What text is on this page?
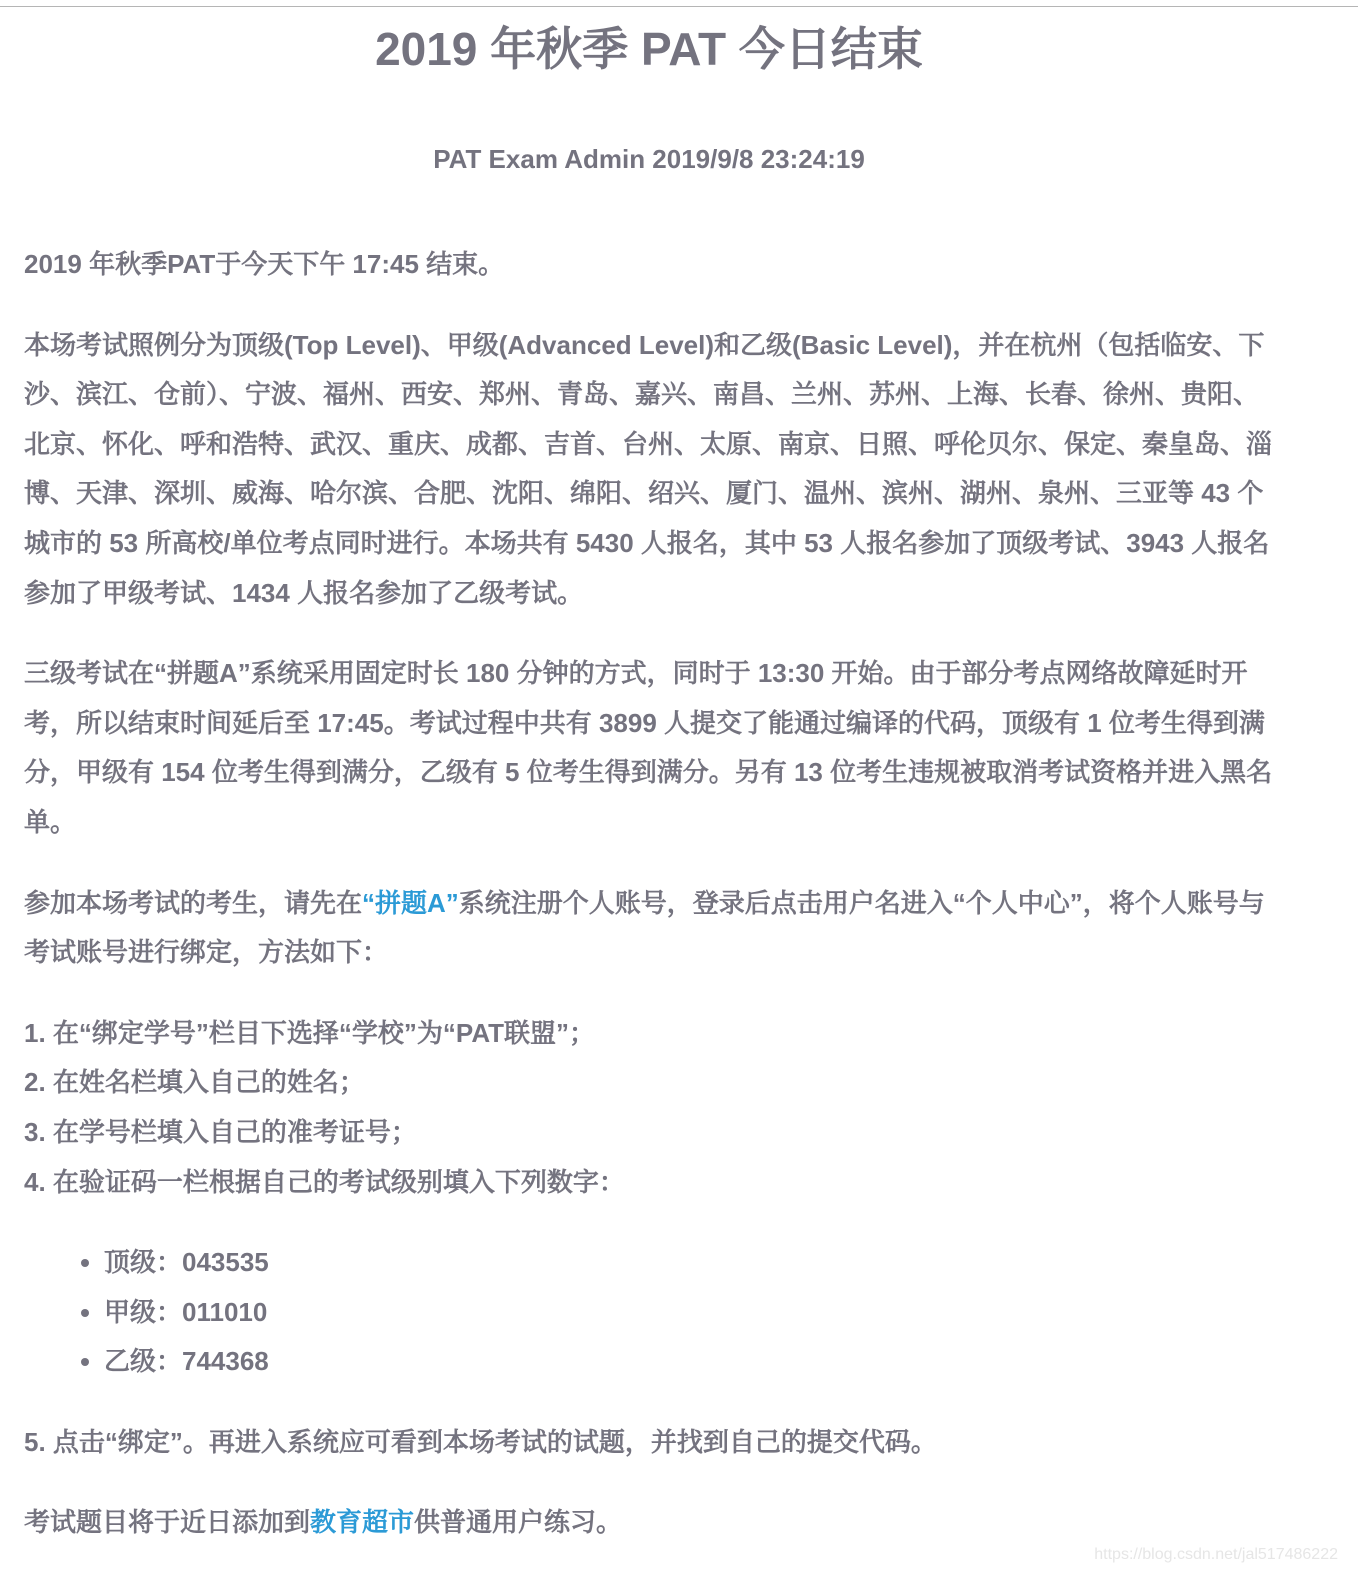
2019 年秋季 PAT 今日结束
PAT Exam Admin 2019/9/8 23:24:19

2019 年秋季PAT于今天下午 17:45 结束。

本场考试照例分为顶级(Top Level)、甲级(Advanced Level)和乙级(Basic Level)，并在杭州（包括临安、下沙、滨江、仓前）、宁波、福州、西安、郑州、青岛、嘉兴、南昌、兰州、苏州、上海、长春、徐州、贵阳、北京、怀化、呼和浩特、武汉、重庆、成都、吉首、台州、太原、南京、日照、呼伦贝尔、保定、秦皇岛、淄博、天津、深圳、威海、哈尔滨、合肥、沈阳、绵阳、绍兴、厦门、温州、滨州、湖州、泉州、三亚等 43 个城市的 53 所高校/单位考点同时进行。本场共有 5430 人报名，其中 53 人报名参加了顶级考试、3943 人报名参加了甲级考试、1434 人报名参加了乙级考试。

三级考试在“拼题A”系统采用固定时长 180 分钟的方式，同时于 13:30 开始。由于部分考点网络故障延时开考，所以结束时间延后至 17:45。考试过程中共有 3899 人提交了能通过编译的代码，顶级有 1 位考生得到满分，甲级有 154 位考生得到满分，乙级有 5 位考生得到满分。另有 13 位考生违规被取消考试资格并进入黑名单。

参加本场考试的考生，请先在“拼题A”系统注册个人账号，登录后点击用户名进入“个人中心”，将个人账号与考试账号进行绑定，方法如下：

1. 在“绑定学号”栏目下选择“学校”为“PAT联盟”；
2. 在姓名栏填入自己的姓名；
3. 在学号栏填入自己的准考证号；
4. 在验证码一栏根据自己的考试级别填入下列数字：
• 顶级：043535
• 甲级：011010
• 乙级：744368

5. 点击“绑定”。再进入系统应可看到本场考试的试题，并找到自己的提交代码。

考试题目将于近日添加到教育超市供普通用户练习。

https://blog.csdn.net/jal517486222
